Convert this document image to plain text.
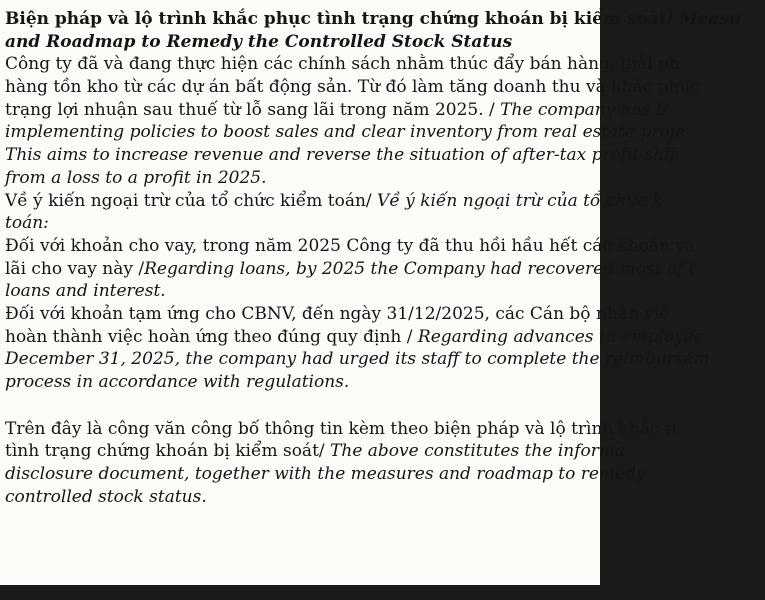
Biện pháp và lộ trình khắc phục tình trạng chứng khoán bị kiểm soát/ Measu
and Roadmap to Remedy the Controlled Stock Status
Công ty đã và đang thực hiện các chính sách nhằm thúc đẩy bán hàng, giải ph
hàng tồn kho từ các dự án bất động sản. Từ đó làm tăng doanh thu và khắc phục
trạng lợi nhuận sau thuế từ lỗ sang lãi trong năm 2025. / The company has b
implementing policies to boost sales and clear inventory from real estate proje
This aims to increase revenue and reverse the situation of after-tax profit shif
from a loss to a profit in 2025.
Về ý kiến ngoại trừ của tổ chức kiểm toán/ Về ý kiến ngoại trừ của tổ chức k
toán:
Đối với khoản cho vay, trong năm 2025 Công ty đã thu hồi hầu hết các khoản va
lãi cho vay này /Regarding loans, by 2025 the Company had recovered most of t
loans and interest.
Đối với khoản tạm ứng cho CBNV, đến ngày 31/12/2025, các Cán bộ nhân viê
hoàn thành việc hoàn ứng theo đúng quy định / Regarding advances to employee
December 31, 2025, the company had urged its staff to complete the reimbursem
process in accordance with regulations.
Trên đây là công văn công bố thông tin kèm theo biện pháp và lộ trình khắc p
tình trạng chứng khoán bị kiểm soát/ The above constitutes the informa
disclosure document, together with the measures and roadmap to remedy
controlled stock status.
